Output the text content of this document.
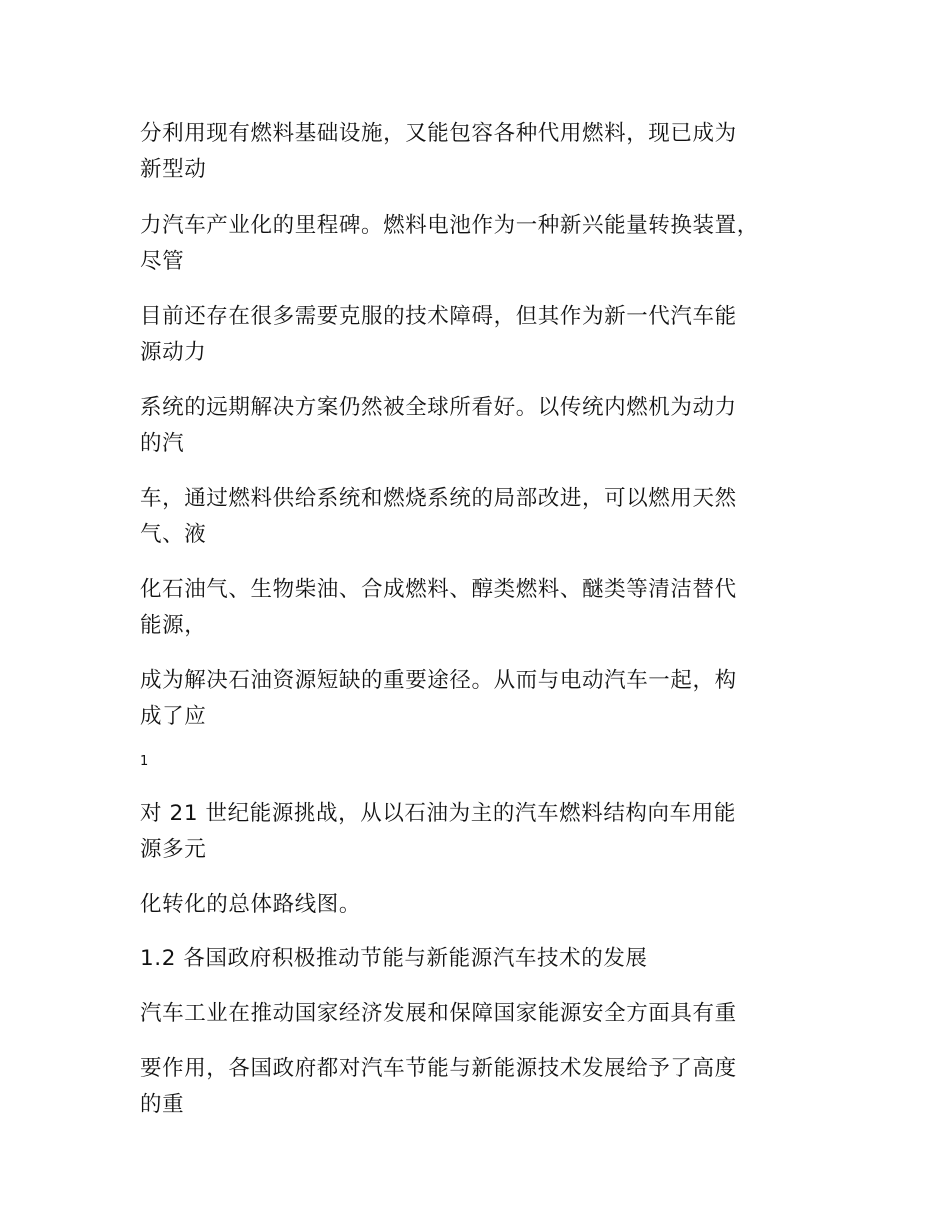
分利用现有燃料基础设施，又能包容各种代用燃料，现已成为
新型动

力汽车产业化的里程碑。燃料电池作为一种新兴能量转换装置，
尽管

目前还存在很多需要克服的技术障碍，但其作为新一代汽车能
源动力

系统的远期解决方案仍然被全球所看好。以传统内燃机为动力
的汽

车，通过燃料供给系统和燃烧系统的局部改进，可以燃用天然
气、液

化石油气、生物柴油、合成燃料、醇类燃料、醚类等清洁替代
能源，

成为解决石油资源短缺的重要途径。从而与电动汽车一起，构
成了应

1

对 21 世纪能源挑战，从以石油为主的汽车燃料结构向车用能
源多元

化转化的总体路线图。

1.2 各国政府积极推动节能与新能源汽车技术的发展

汽车工业在推动国家经济发展和保障国家能源安全方面具有重

要作用，各国政府都对汽车节能与新能源技术发展给予了高度
的重
